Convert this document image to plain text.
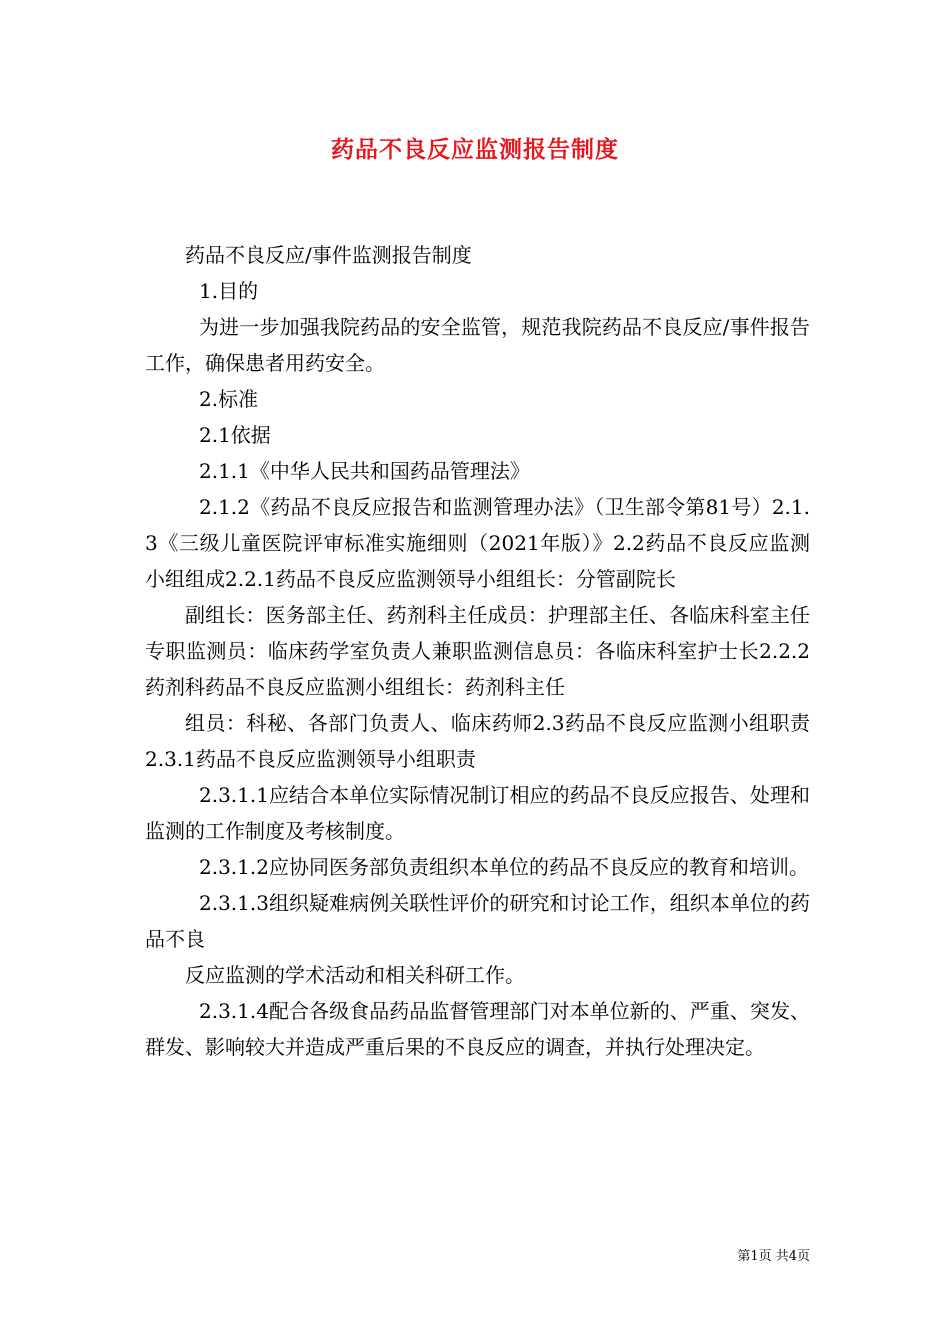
药品不良反应监测报告制度

药品不良反应/事件监测报告制度

1.目的

为进一步加强我院药品的安全监管，规范我院药品不良反应/事件报告工作，确保患者用药安全。

2.标准

2.1依据

2.1.1《中华人民共和国药品管理法》

2.1.2《药品不良反应报告和监测管理办法》（卫生部令第81号）2.1.3《三级儿童医院评审标准实施细则（2021年版）》2.2药品不良反应监测小组组成2.2.1药品不良反应监测领导小组组长：分管副院长

副组长：医务部主任、药剂科主任成员：护理部主任、各临床科室主任专职监测员：临床药学室负责人兼职监测信息员：各临床科室护士长2.2.2药剂科药品不良反应监测小组组长：药剂科主任

组员：科秘、各部门负责人、临床药师2.3药品不良反应监测小组职责2.3.1药品不良反应监测领导小组职责

2.3.1.1应结合本单位实际情况制订相应的药品不良反应报告、处理和监测的工作制度及考核制度。

2.3.1.2应协同医务部负责组织本单位的药品不良反应的教育和培训。

2.3.1.3组织疑难病例关联性评价的研究和讨论工作，组织本单位的药品不良

反应监测的学术活动和相关科研工作。

2.3.1.4配合各级食品药品监督管理部门对本单位新的、严重、突发、群发、影响较大并造成严重后果的不良反应的调查，并执行处理决定。

第1页 共4页
